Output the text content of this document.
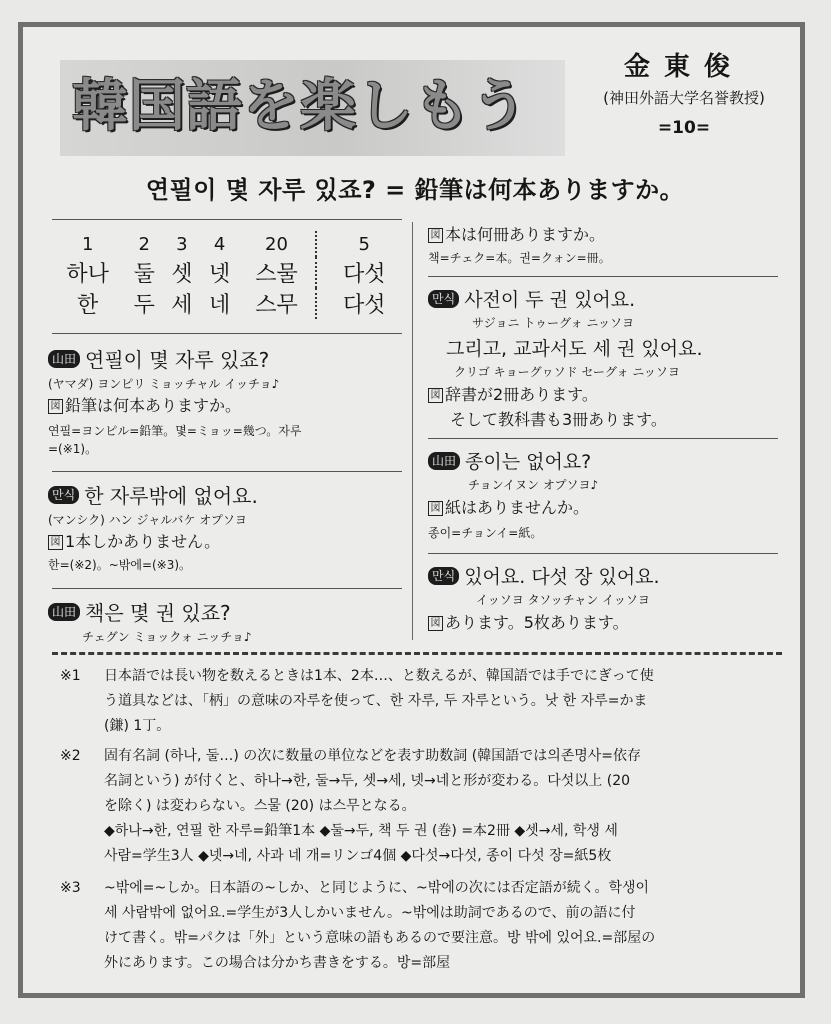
韓国語を楽しもう
金東俊
(神田外語大学名誉教授)
=10=
연필이 몇 자루 있죠? = 鉛筆は何本ありますか。
1	2	3	4	20		5
하나	둘	셋	넷	스물		다섯
한	두	세	네	스무		다섯
山田 연필이 몇 자루 있죠?
(ヤマダ) ヨンピリ ミョッチャル イッチョ♪
図 鉛筆は何本ありますか。
연필=ヨンピル=鉛筆。몇=ミョッ=幾つ。자루
=(※1)。
만식 한 자루밖에 없어요.
(マンシク) ハン ジャルバケ オプソヨ
図 1本しかありません。
한=(※2)。~밖에=(※3)。
山田 책은 몇 권 있죠?
チェグン ミョックォ ニッチョ♪
図 本は何冊ありますか。
책=チェク=本。권=クォン=冊。
만식 사전이 두 권 있어요.
サジョニ トゥーグォ ニッソヨ
그리고, 교과서도 세 권 있어요.
クリゴ キョーグヮソド セーグォ ニッソヨ
図 辞書が2冊あります。
そして教科書も3冊あります。
山田 종이는 없어요?
チョンイヌン オプソヨ♪
図 紙はありませんか。
종이=チョンイ=紙。
만식 있어요. 다섯 장 있어요.
イッソヨ タソッチャン イッソヨ
図 あります。5枚あります。
※1 日本語では長い物を数えるときは1本、2本…、と数えるが、韓国語では手でにぎって使
う道具などは、「柄」の意味の자루を使って、한 자루, 두 자루という。낫 한 자루=かま
(鎌) 1丁。
※2 固有名詞 (하나, 둘…) の次に数量の単位などを表す助数詞 (韓国語では의존명사=依存
名詞という) が付くと、하나→한, 둘→두, 셋→세, 넷→네と形が変わる。다섯以上 (20
を除く) は変わらない。스물 (20) は스무となる。
◆하나→한, 연필 한 자루=鉛筆1本 ◆둘→두, 책 두 권 (巻) =本2冊 ◆셋→세, 학생 세
사람=学生3人 ◆넷→네, 사과 네 개=リンゴ4個 ◆다섯→다섯, 종이 다섯 장=紙5枚
※3 ~밖에=~しか。日本語の~しか、と同じように、~밖에の次には否定語が続く。학생이
세 사람밖에 없어요.=学生が3人しかいません。~밖에は助詞であるので、前の語に付
けて書く。밖=パクは「外」という意味の語もあるので要注意。방 밖에 있어요.=部屋の
外にあります。この場合は分かち書きをする。방=部屋
